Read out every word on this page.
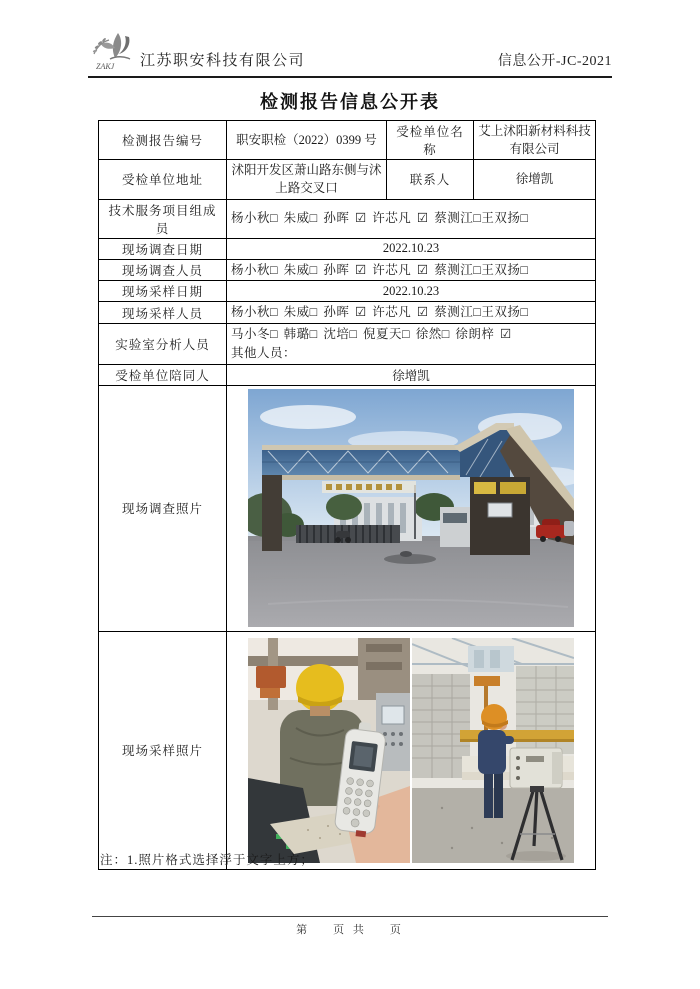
ZAKJ 江苏职安科技有限公司	信息公开-JC-2021
检测报告信息公开表
检测报告编号	职安职检（2022）0399 号	受检单位名称	艾上沭阳新材料科技有限公司
受检单位地址	沭阳开发区萧山路东侧与沭上路交叉口	联系人	徐增凯
技术服务项目组成员	杨小秋□ 朱威□ 孙晖 ☑ 许芯凡 ☑ 蔡测江□王双扬□		
现场调查日期	2022.10.23		
现场调查人员	杨小秋□ 朱威□ 孙晖 ☑ 许芯凡 ☑ 蔡测江□王双扬□		
现场采样日期	2022.10.23		
现场采样人员	杨小秋□ 朱威□ 孙晖 ☑ 许芯凡 ☑ 蔡测江□王双扬□		
实验室分析人员	马小冬□ 韩璐□ 沈培□ 倪夏天□ 徐然□ 徐朗梓 ☑
其他人员：		

受检单位陪同人	徐增凯		
现场调查照片	
现场采样照片	

注：1.照片格式选择浮于文字上方；

第    页 共    页
